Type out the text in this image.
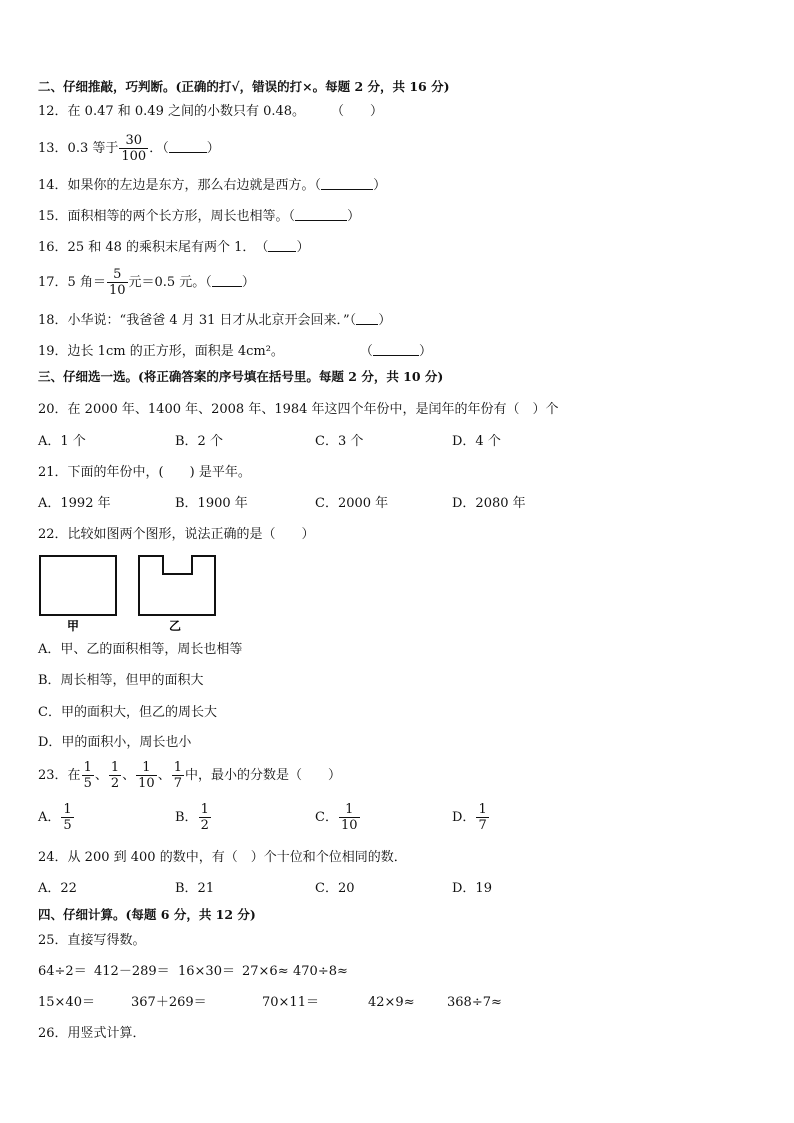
二、仔细推敲，巧判断。(正确的打√，错误的打×。每题 2 分，共 16 分)
12．在 0.47 和 0.49 之间的小数只有 0.48。 （　　）
13．0.3 等于 $\frac{30}{100}$ ．（	）
14．如果你的左边是东方，那么右边就是西方。（	）
15．面积相等的两个长方形，周长也相等。（	）
16．25 和 48 的乘积末尾有两个 1．　（ ）
17．5 角＝ $\frac{5}{10}$ 元＝0.5 元。（ ）
18．小华说：“我爸爸 4 月 31 日才从北京开会回来．”（ ）
19．边长 1cm 的正方形，面积是 4cm²。	（	）
三、仔细选一选。(将正确答案的序号填在括号里。每题 2 分，共 10 分)
20．在 2000 年、1400 年、2008 年、1984 年这四个年份中，是闰年的年份有（　）个
A．1 个	B．2 个	C．3 个	D．4 个
21．下面的年份中，(　　) 是平年。
A．1992 年	B．1900 年	C．2000 年	D．2080 年
22．比较如图两个图形，说法正确的是（　　）
甲	乙
A．甲、乙的面积相等，周长也相等
B．周长相等，但甲的面积大
C．甲的面积大，但乙的周长大
D．甲的面积小，周长也小
23．在 $\frac{1}{5}$ 、 $\frac{1}{2}$ 、 $\frac{1}{10}$ 、 $\frac{1}{7}$ 中，最小的分数是（　　）
A． $\frac{1}{5}$	B． $\frac{1}{2}$	C． $\frac{1}{10}$	D． $\frac{1}{7}$
24．从 200 到 400 的数中，有（　）个十位和个位相同的数．
A．22	B．21	C．20	D．19
四、仔细计算。(每题 6 分，共 12 分)
25．直接写得数。
64÷2＝ 412－289＝ 16×30＝ 27×6≈ 470÷8≈
15×40＝	367＋269＝	70×11＝	42×9≈ 368÷7≈
26．用竖式计算．
